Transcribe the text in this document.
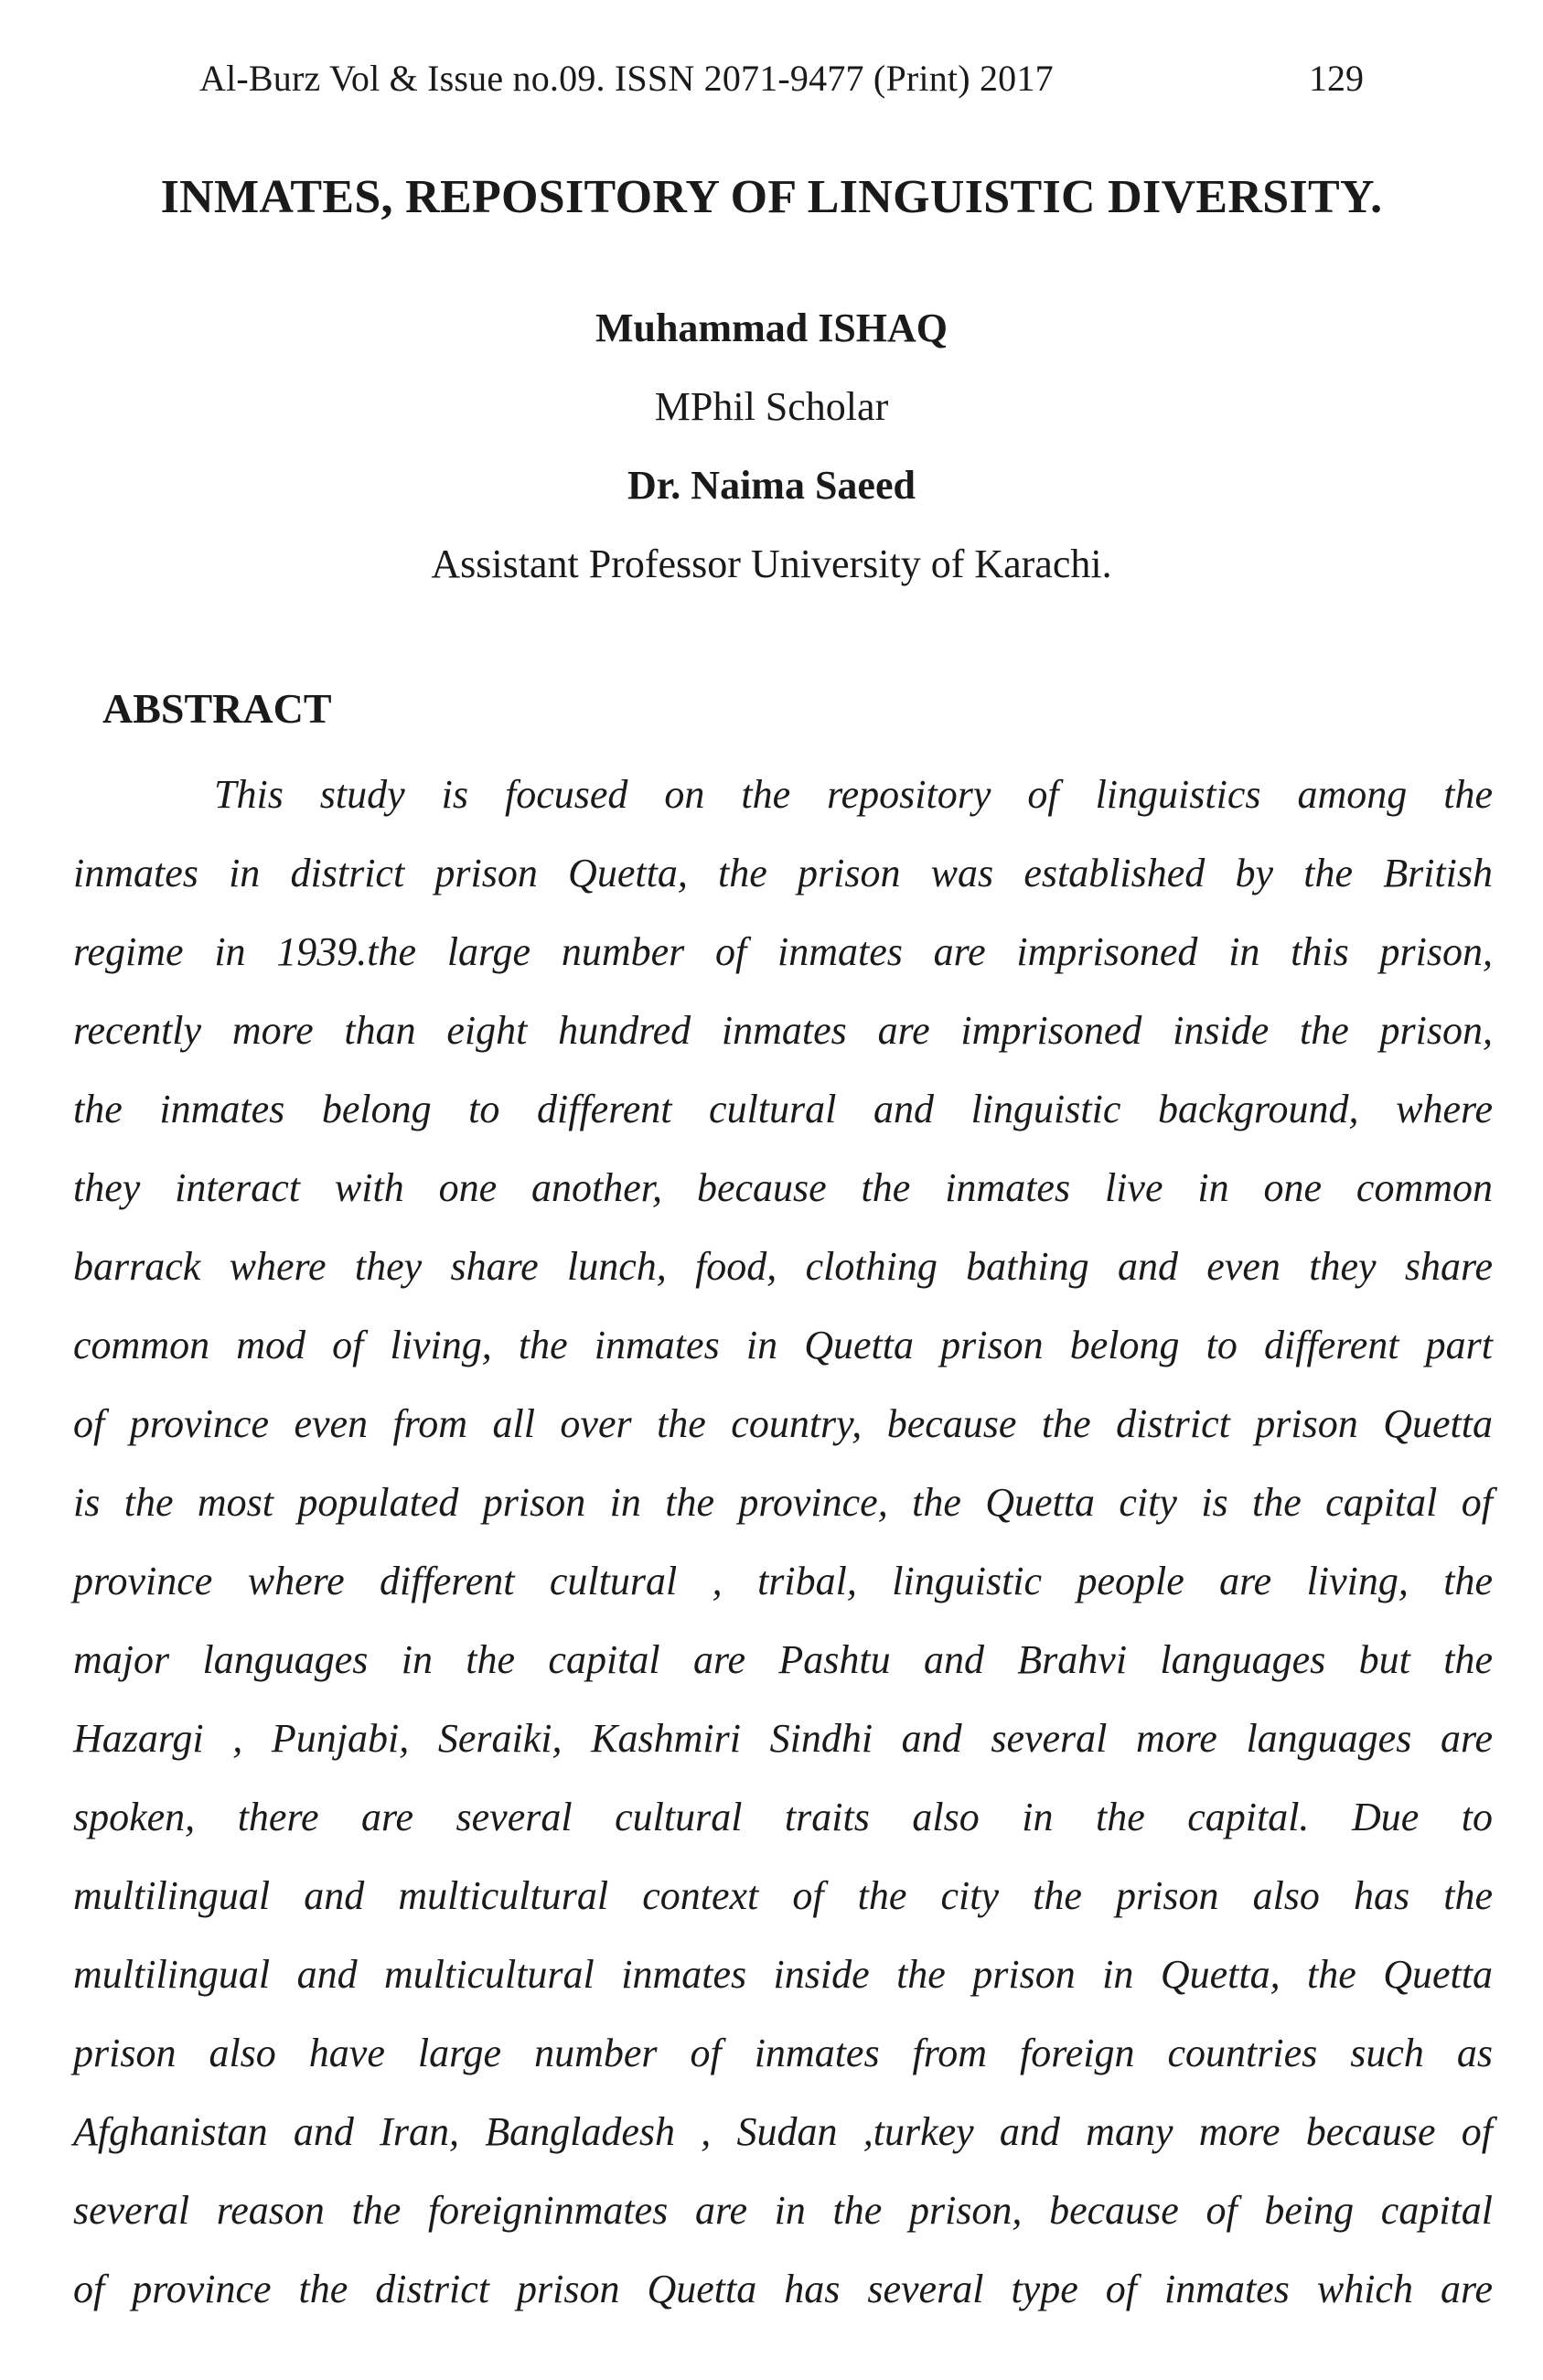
Al-Burz Vol & Issue no.09. ISSN 2071-9477 (Print) 2017	129
INMATES, REPOSITORY OF LINGUISTIC DIVERSITY.
Muhammad ISHAQ
MPhil Scholar
Dr. Naima Saeed
Assistant Professor University of Karachi.
ABSTRACT
This study is focused on the repository of linguistics among the
inmates in district prison Quetta, the prison was established by the British
regime in 1939.the large number of inmates are imprisoned in this prison,
recently more than eight hundred inmates are imprisoned inside the prison,
the inmates belong to different cultural and linguistic background, where
they interact with one another, because the inmates live in one common
barrack where they share lunch, food, clothing bathing and even they share
common mod of living, the inmates in Quetta prison belong to different part
of province even from all over the country, because the district prison Quetta
is the most populated prison in the province, the Quetta city is the capital of
province where different cultural , tribal, linguistic people are living, the
major languages in the capital are Pashtu and Brahvi languages but the
Hazargi , Punjabi, Seraiki, Kashmiri Sindhi and several more languages are
spoken, there are several cultural traits also in the capital. Due to
multilingual and multicultural context of the city the prison also has the
multilingual and multicultural inmates inside the prison in Quetta, the Quetta
prison also have large number of inmates from foreign countries such as
Afghanistan and Iran, Bangladesh , Sudan ,turkey and many more because of
several reason the foreigninmates are in the prison, because of being capital
of province the district prison Quetta has several type of inmates which are
